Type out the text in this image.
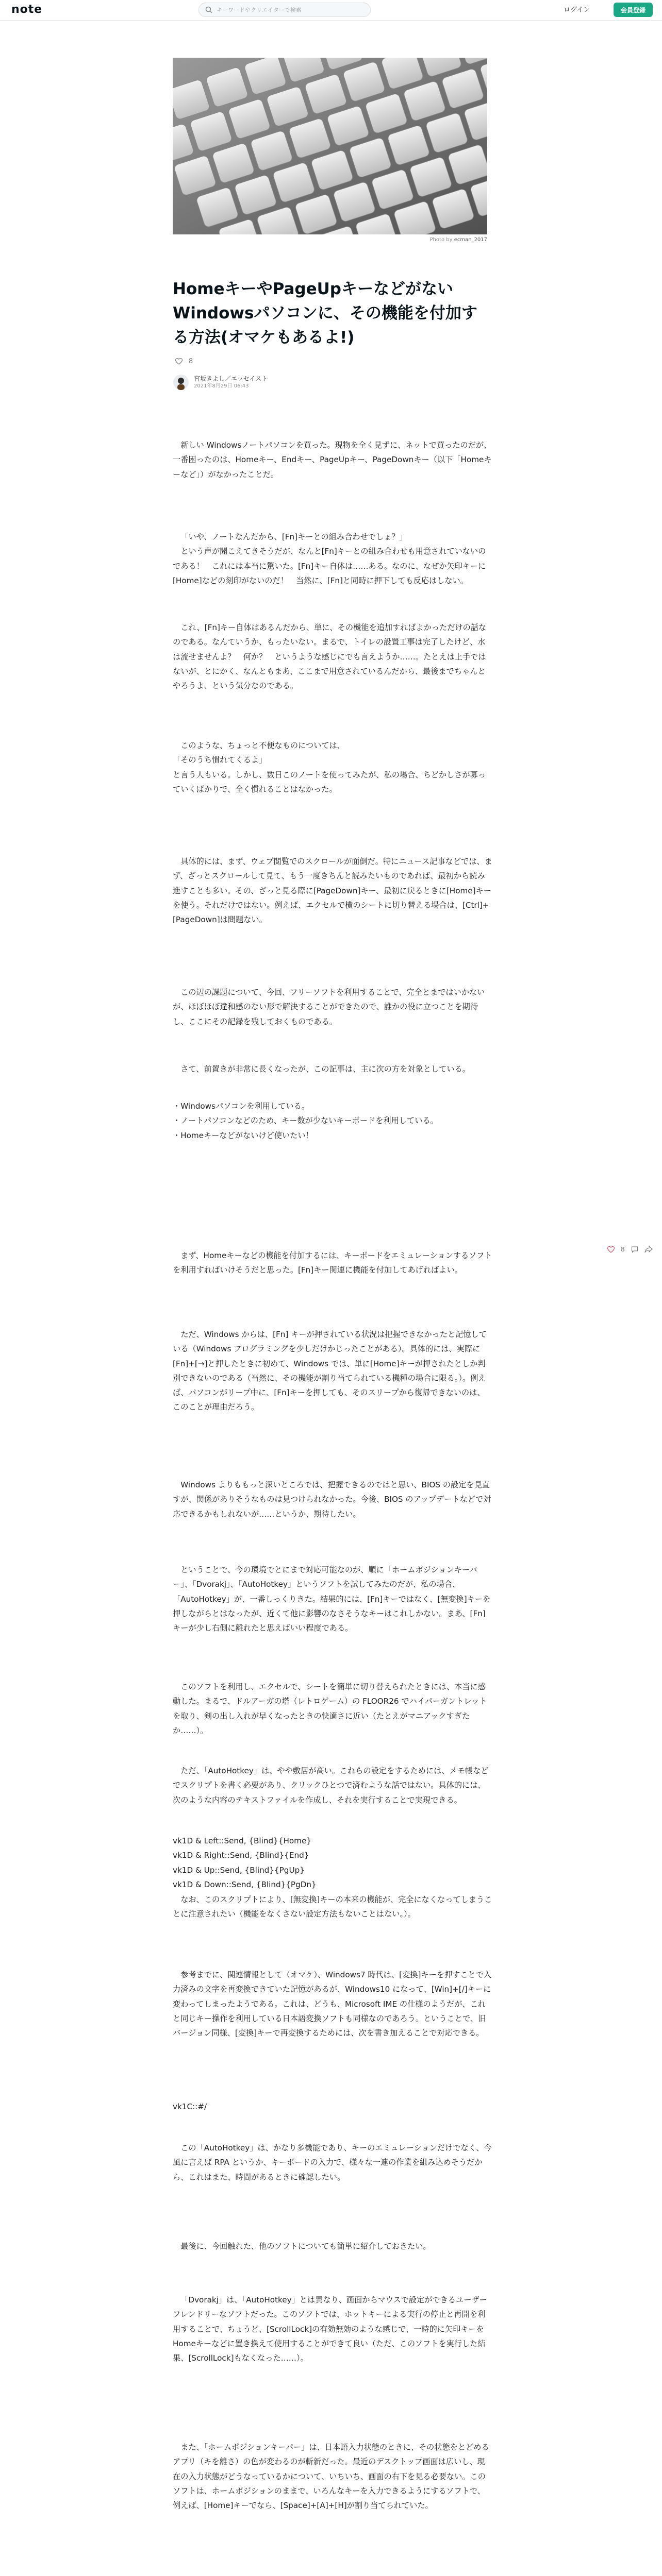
note
キーワードやクリエイターで検索	ログイン	会員登録
Photo by ecman_2017
HomeキーやPageUpキーなどがないWindowsパソコンに、その機能を付加する方法(オマケもあるよ!)
8
宮坂きよし／エッセイスト
2021年8月29日 06:43
8

新しい Windowsノートパソコンを買った。現物を全く見ずに、ネットで買ったのだが、一番困ったのは、Homeキー、Endキー、PageUpキー、PageDownキー（以下「Homeキーなど」）がなかったことだ。

「いや、ノートなんだから、[Fn]キーとの組み合わせでしょ？」
　という声が聞こえてきそうだが、なんと[Fn]キーとの組み合わせも用意されていないのである！　これには本当に驚いた。[Fn]キー自体は……ある。なのに、なぜか矢印キーに[Home]などの刻印がないのだ！　当然に、[Fn]と同時に押下しても反応はしない。

これ、[Fn]キー自体はあるんだから、単に、その機能を追加すればよかっただけの話なのである。なんていうか、もったいない。まるで、トイレの設置工事は完了したけど、水は流せませんよ？　何か？　というような感じにでも言えようか……。たとえは上手ではないが、とにかく、なんともまあ、ここまで用意されているんだから、最後までちゃんとやろうよ、という気分なのである。

このような、ちょっと不便なものについては、
「そのうち慣れてくるよ」
と言う人もいる。しかし、数日このノートを使ってみたが、私の場合、ちどかしさが募っていくばかりで、全く慣れることはなかった。

具体的には、まず、ウェブ閲覧でのスクロールが面倒だ。特にニュース記事などでは、まず、ざっとスクロールして見て、もう一度きちんと読みたいものであれば、最初から読み進すことも多い。その、ざっと見る際に[PageDown]キー、最初に戻るときに[Home]キーを使う。それだけではない。例えば、エクセルで横のシートに切り替える場合は、[Ctrl]+[PageDown]は問題ない。

この辺の課題について、今回、フリーソフトを利用することで、完全とまではいかないが、ほぼほぼ違和感のない形で解決することができたので、誰かの役に立つことを期待し、ここにその記録を残しておくものである。

さて、前置きが非常に長くなったが、この記事は、主に次の方を対象としている。

・Windowsパソコンを利用している。
・ノートパソコンなどのため、キー数が少ないキーボードを利用している。
・Homeキーなどがないけど使いたい！

まず、Homeキーなどの機能を付加するには、キーボードをエミュレーションするソフトを利用すればいけそうだと思った。[Fn]キー関連に機能を付加してあげればよい。

ただ、Windows からは、[Fn] キーが押されている状況は把握できなかったと記憶している（Windows プログラミングを少しだけかじったことがある）。具体的には、実際に[Fn]+[→]と押したときに初めて、Windows では、単に[Home]キーが押されたとしか判別できないのである（当然に、その機能が割り当てられている機種の場合に限る。）。例えば、パソコンがリープ中に、[Fn]キーを押しても、そのスリープから復帰できないのは、このことが理由だろう。

Windows よりももっと深いところでは、把握できるのではと思い、BIOS の設定を見直すが、関係がありそうなものは見つけられなかった。今後、BIOS のアップデートなどで対応できるかもしれないが……というか、期待したい。

ということで、今の環境でとにまで対応可能なのが、順に「ホームポジションキーパー」、「Dvorakj」、「AutoHotkey」というソフトを試してみたのだが、私の場合、「AutoHotkey」が、一番しっくりきた。結果的には、[Fn]キーではなく、[無変換]キーを押しながらとはなったが、近くて他に影響のなさそうなキーはこれしかない。まあ、[Fn]キーが少し右側に離れたと思えばいい程度である。

このソフトを利用し、エクセルで、シートを簡単に切り替えられたときには、本当に感動した。まるで、ドルアーガの塔（レトロゲーム）の FLOOR26 でハイパーガントレットを取り、剣の出し入れが早くなったときの快適さに近い（たとえがマニアックすぎたか……）。

ただ、「AutoHotkey」は、やや敷居が高い。これらの設定をするためには、メモ帳などでスクリプトを書く必要があり、クリックひとつで済むような話ではない。具体的には、次のような内容のテキストファイルを作成し、それを実行することで実現できる。

vk1D & Left::Send, {Blind}{Home}
vk1D & Right::Send, {Blind}{End}
vk1D & Up::Send, {Blind}{PgUp}
vk1D & Down::Send, {Blind}{PgDn}

なお、このスクリプトにより、[無変換]キーの本来の機能が、完全になくなってしまうことに注意されたい（機能をなくさない設定方法もないことはない。）。

参考までに、関連情報として（オマケ）、Windows7 時代は、[変換]キーを押すことで入力済みの文字を再変換できていた記憶があるが、Windows10 になって、[Win]+[/]キーに変わってしまったようである。これは、どうも、Microsoft IME の仕様のようだが、これと同じキー操作を利用している日本語変換ソフトも同様なのであろう。ということで、旧バージョン同様、[変換]キーで再変換するためには、次を書き加えることで対応できる。

vk1C::#/

この「AutoHotkey」は、かなり多機能であり、キーのエミュレーションだけでなく、今風に言えば RPA というか、キーボードの入力で、様々な一連の作業を組み込めそうだから、これはまた、時間があるときに確認したい。

最後に、今回触れた、他のソフトについても簡単に紹介しておきたい。

「Dvorakj」は、「AutoHotkey」とは異なり、画面からマウスで設定ができるユーザーフレンドリーなソフトだった。このソフトでは、ホットキーによる実行の停止と再開を利用することで、ちょうど、[ScrollLock]の有効無効のような感じで、一時的に矢印キーをHomeキーなどに置き換えて使用することができて良い（ただ、このソフトを実行した結果、[ScrollLock]もなくなった……）。

また、「ホームポジションキーパー」は、日本語入力状態のときに、その状態をとどめるアプリ（キを離さ）の色が変わるのが斬新だった。最近のデスクトップ画面は広いし、現在の入力状態がどうなっているかについて、いちいち、画面の右下を見る必要ない。このソフトは、ホームポジションのままで、いろんなキーを入力できるようにするソフトで、例えば、[Home]キーでなら、[Space]+[A]+[H]が割り当てられていた。
